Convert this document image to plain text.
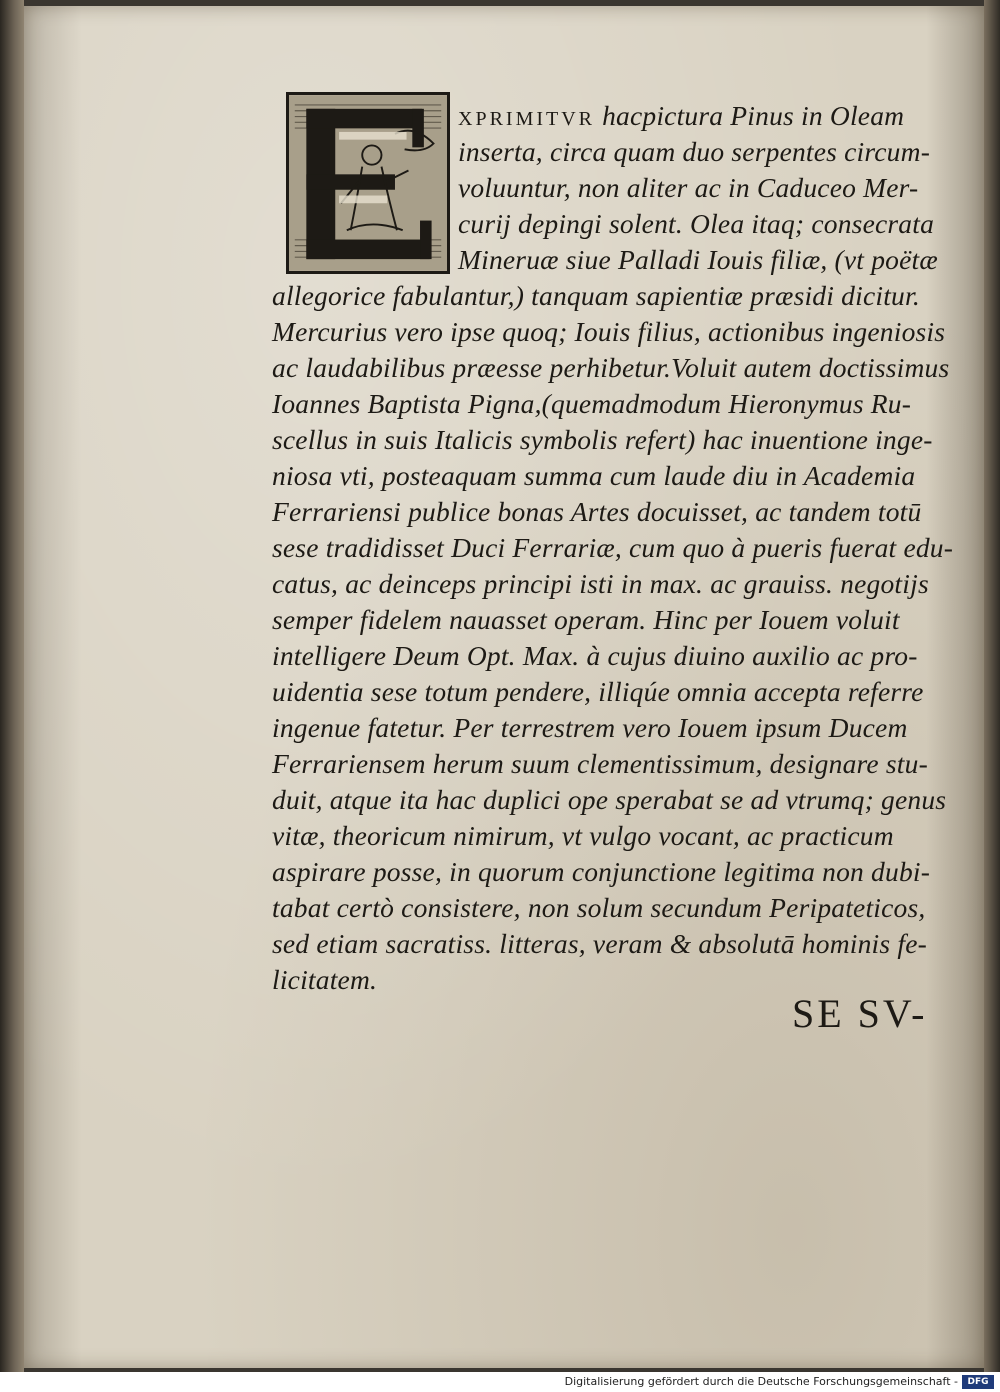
XPRIMITVR hacpictura Pinus in Oleam
inserta, circa quam duo serpentes circum-
voluuntur, non aliter ac in Caduceo Mer-
curij depingi solent. Olea itaq; consecrata
Mineruæ siue Palladi Iouis filiæ, (vt poëtæ
allegorice fabulantur,) tanquam sapientiæ præsidi dicitur.
Mercurius vero ipse quoq; Iouis filius, actionibus ingeniosis
ac laudabilibus præesse perhibetur.Voluit autem doctissimus
Ioannes Baptista Pigna,(quemadmodum Hieronymus Ru-
scellus in suis Italicis symbolis refert) hac inuentione inge-
niosa vti, posteaquam summa cum laude diu in Academia
Ferrariensi publice bonas Artes docuisset, ac tandem totū
sese tradidisset Duci Ferrariæ, cum quo à pueris fuerat edu-
catus, ac deinceps principi isti in max. ac grauiss. negotijs
semper fidelem nauasset operam. Hinc per Iouem voluit
intelligere Deum Opt. Max. à cujus diuino auxilio ac pro-
uidentia sese totum pendere, illiqúe omnia accepta referre
ingenue fatetur. Per terrestrem vero Iouem ipsum Ducem
Ferrariensem herum suum clementissimum, designare stu-
duit, atque ita hac duplici ope sperabat se ad vtrumq; genus
vitæ, theoricum nimirum, vt vulgo vocant, ac practicum
aspirare posse, in quorum conjunctione legitima non dubi-
tabat certò consistere, non solum secundum Peripateticos,
sed etiam sacratiss. litteras, veram & absolutā hominis fe-
licitatem.
SE SV-
Digitalisierung gefördert durch die Deutsche Forschungsgemeinschaft -	DFG
